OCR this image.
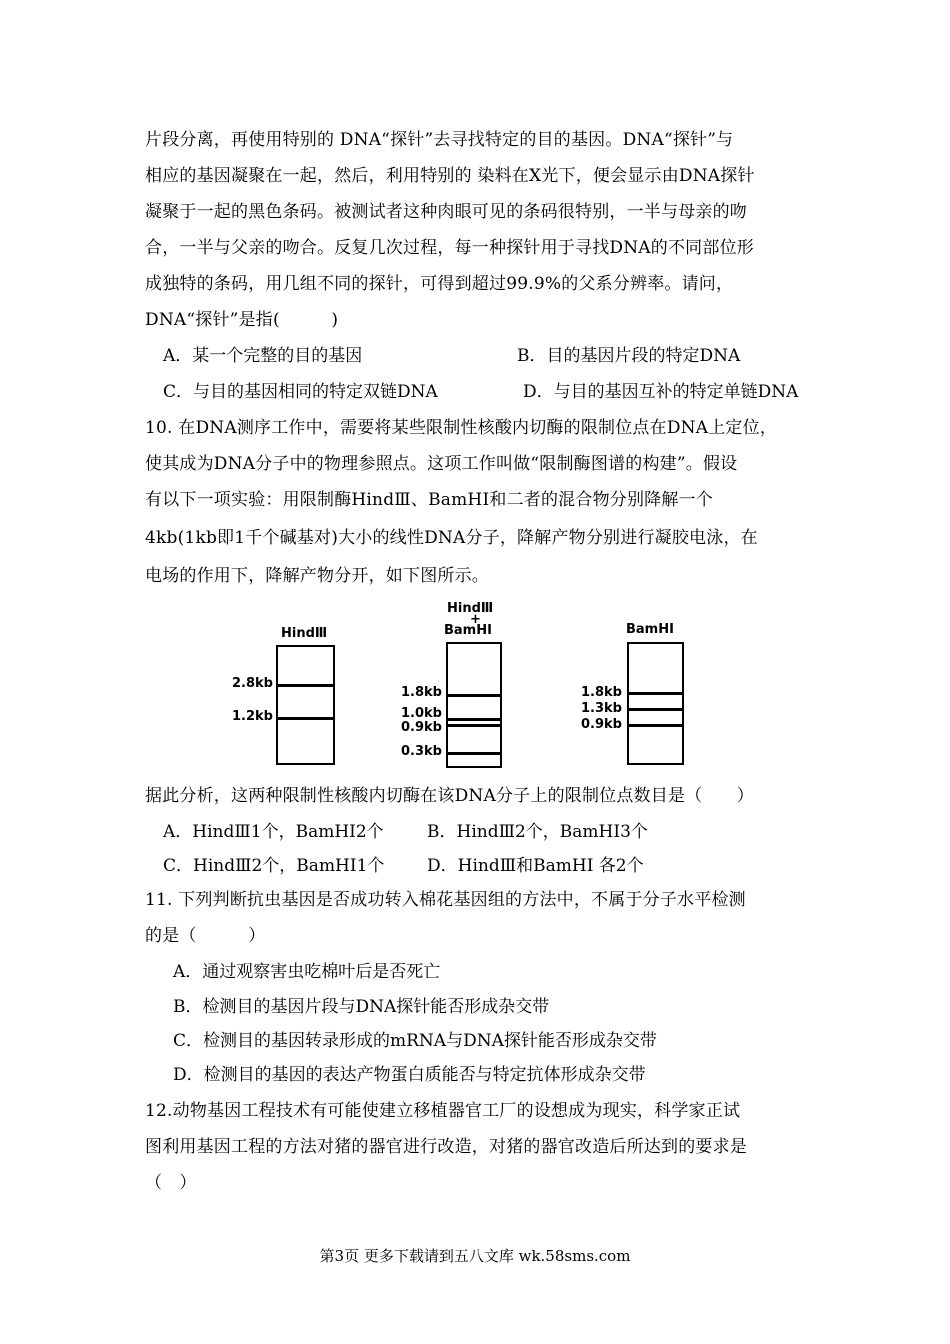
片段分离，再使用特别的 DNA“探针”去寻找特定的目的基因。DNA“探针”与
相应的基因凝聚在一起，然后，利用特别的 染料在X光下，便会显示由DNA探针
凝聚于一起的黑色条码。被测试者这种肉眼可见的条码很特别，一半与母亲的吻
合，一半与父亲的吻合。反复几次过程，每一种探针用于寻找DNA的不同部位形
成独特的条码，用几组不同的探针，可得到超过99.9%的父系分辨率。请问，
DNA“探针”是指(　　　)
A．某一个完整的目的基因	B．目的基因片段的特定DNA
C．与目的基因相同的特定双链DNA	D．与目的基因互补的特定单链DNA
10. 在DNA测序工作中，需要将某些限制性核酸内切酶的限制位点在DNA上定位，
使其成为DNA分子中的物理参照点。这项工作叫做“限制酶图谱的构建”。假设
有以下一项实验：用限制酶HindⅢ、BamHⅠ和二者的混合物分别降解一个
4kb(1kb即1千个碱基对)大小的线性DNA分子，降解产物分别进行凝胶电泳，在
电场的作用下，降解产物分开，如下图所示。
HindⅢ
2.8kb
1.2kb
HindⅢ
+
BamHⅠ
1.8kb
1.0kb
0.9kb
0.3kb
BamHⅠ
1.8kb
1.3kb
0.9kb
据此分析，这两种限制性核酸内切酶在该DNA分子上的限制位点数目是（　　）
A．HindⅢ1个，BamHⅠ2个	B．HindⅢ2个，BamHⅠ3个
C．HindⅢ2个，BamHⅠ1个	D．HindⅢ和BamHⅠ 各2个
11. 下列判断抗虫基因是否成功转入棉花基因组的方法中，不属于分子水平检测
的是（　　　）
A．通过观察害虫吃棉叶后是否死亡
B．检测目的基因片段与DNA探针能否形成杂交带
C．检测目的基因转录形成的mRNA与DNA探针能否形成杂交带
D．检测目的基因的表达产物蛋白质能否与特定抗体形成杂交带
12.动物基因工程技术有可能使建立移植器官工厂的设想成为现实，科学家正试
图利用基因工程的方法对猪的器官进行改造，对猪的器官改造后所达到的要求是
（　）
第3页 更多下载请到五八文库 wk.58sms.com
